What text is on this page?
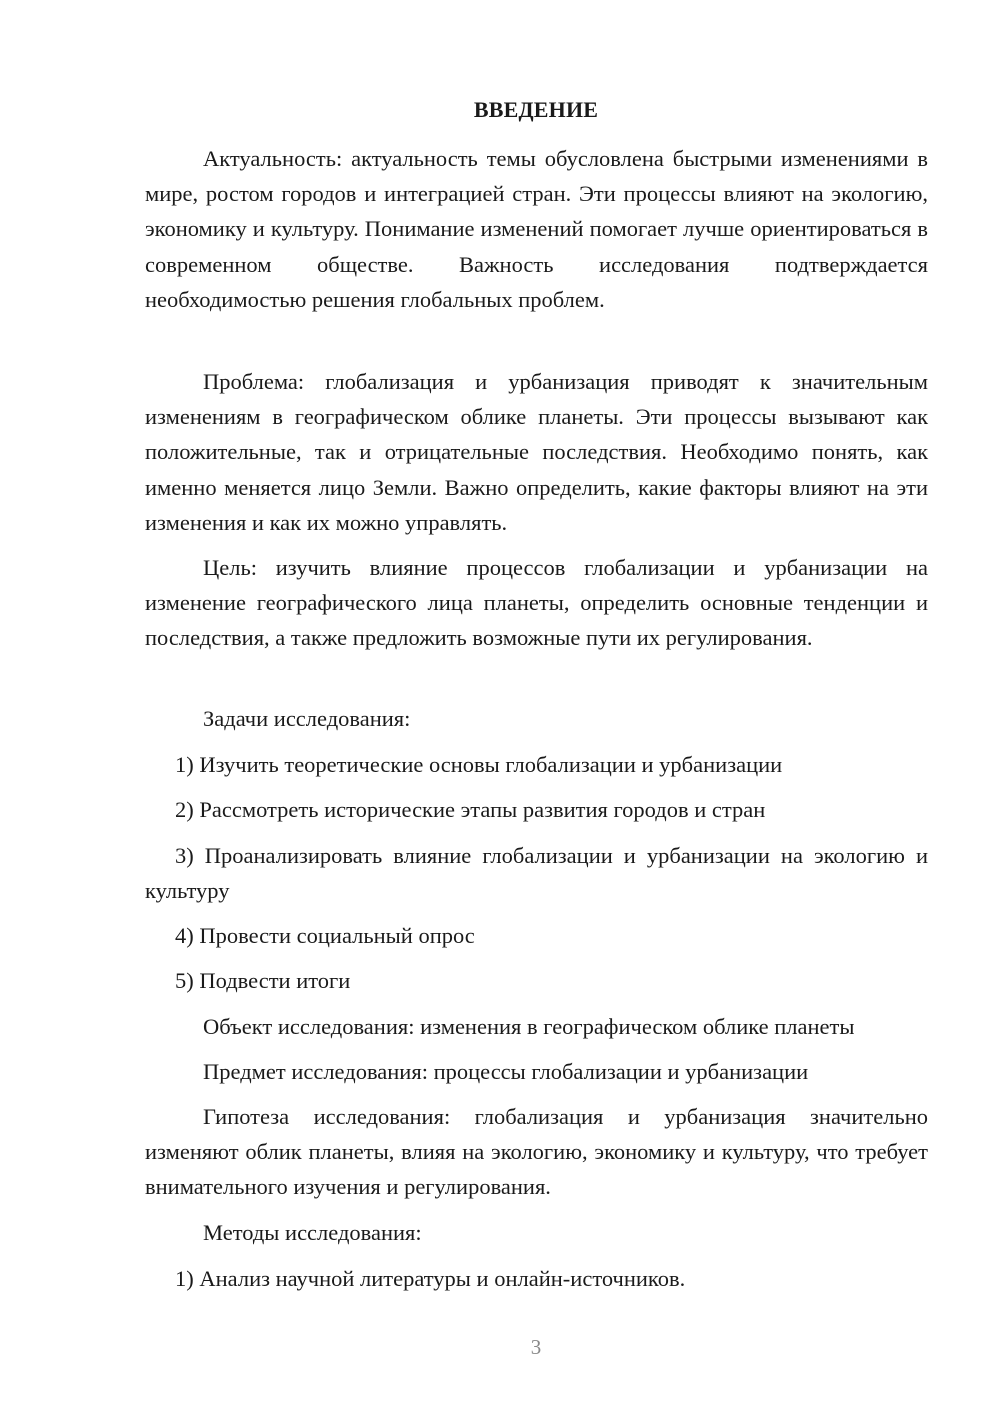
ВВЕДЕНИЕ

Актуальность: актуальность темы обусловлена быстрыми изменениями в мире, ростом городов и интеграцией стран. Эти процессы влияют на экологию, экономику и культуру. Понимание изменений помогает лучше ориентироваться в современном обществе. Важность исследования подтверждается необходимостью решения глобальных проблем.

Проблема: глобализация и урбанизация приводят к значительным изменениям в географическом облике планеты. Эти процессы вызывают как положительные, так и отрицательные последствия. Необходимо понять, как именно меняется лицо Земли. Важно определить, какие факторы влияют на эти изменения и как их можно управлять.

Цель: изучить влияние процессов глобализации и урбанизации на изменение географического лица планеты, определить основные тенденции и последствия, а также предложить возможные пути их регулирования.

Задачи исследования:
1) Изучить теоретические основы глобализации и урбанизации
2) Рассмотреть исторические этапы развития городов и стран

3) Проанализировать влияние глобализации и урбанизации на экологию и культуру

4) Провести социальный опрос
5) Подвести итоги
Объект исследования: изменения в географическом облике планеты
Предмет исследования: процессы глобализации и урбанизации

Гипотеза исследования: глобализация и урбанизация значительно изменяют облик планеты, влияя на экологию, экономику и культуру, что требует внимательного изучения и регулирования.

Методы исследования:
1) Анализ научной литературы и онлайн-источников.
3
